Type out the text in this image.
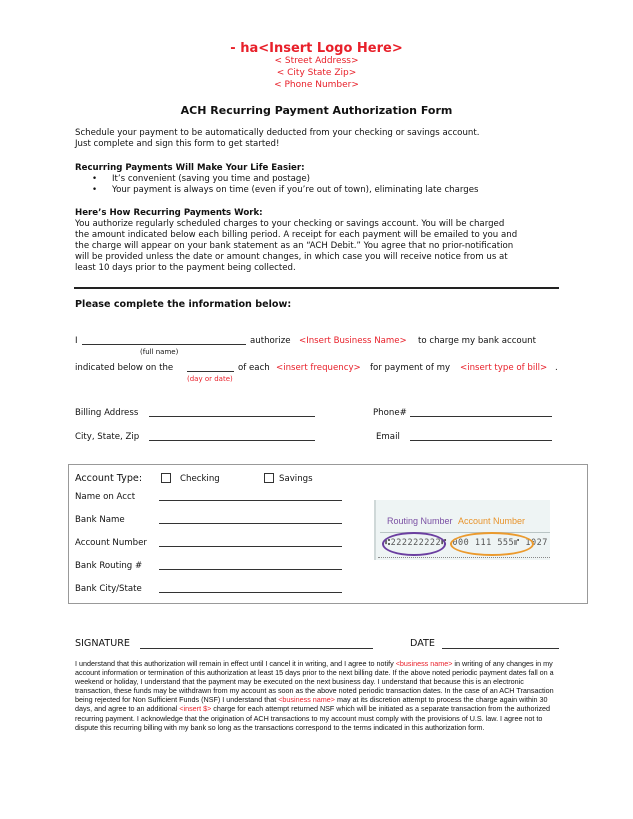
- ha<Insert Logo Here>
< Street Address>
< City State Zip>
< Phone Number>
ACH Recurring Payment Authorization Form
Schedule your payment to be automatically deducted from your checking or savings account.
Just complete and sign this form to get started!
Recurring Payments Will Make Your Life Easier:
• It’s convenient (saving you time and postage)
• Your payment is always on time (even if you’re out of town), eliminating late charges
Here’s How Recurring Payments Work:
You authorize regularly scheduled charges to your checking or savings account. You will be charged
the amount indicated below each billing period. A receipt for each payment will be emailed to you and
the charge will appear on your bank statement as an “ACH Debit.” You agree that no prior-notification
will be provided unless the date or amount changes, in which case you will receive notice from us at
least 10 days prior to the payment being collected.
Please complete the information below:
I
(full name)
authorize <Insert Business Name> to charge my bank account
indicated below on the
(day or date)
of each <insert frequency> for payment of my <insert type of bill> .
Billing Address	Phone#
City, State, Zip	Email
Account Type:	Checking	Savings
Name on Acct
Bank Name
Account Number
Bank Routing #
Bank City/State
Routing Number Account Number
⑆222222222⑆ 000 111 555⑈ 1027
SIGNATURE	DATE
I understand that this authorization will remain in effect until I cancel it in writing, and I agree to notify <business name> in writing of any changes in my account information or termination of this authorization at least 15 days prior to the next billing date. If the above noted periodic payment dates fall on a weekend or holiday, I understand that the payment may be executed on the next business day. I understand that because this is an electronic transaction, these funds may be withdrawn from my account as soon as the above noted periodic transaction dates. In the case of an ACH Transaction being rejected for Non Sufficient Funds (NSF) I understand that <business name> may at its discretion attempt to process the charge again within 30 days, and agree to an additional <insert $> charge for each attempt returned NSF which will be initiated as a separate transaction from the authorized recurring payment. I acknowledge that the origination of ACH transactions to my account must comply with the provisions of U.S. law. I agree not to dispute this recurring billing with my bank so long as the transactions correspond to the terms indicated in this authorization form.
